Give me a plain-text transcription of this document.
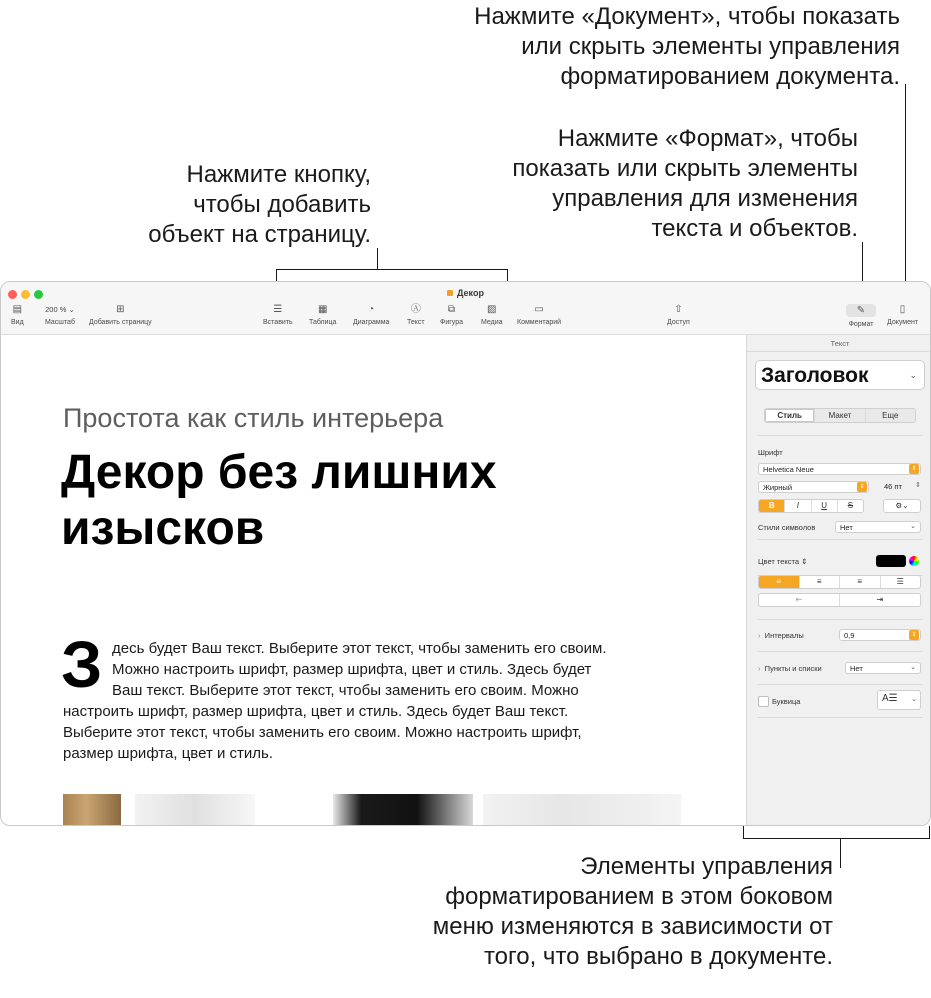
Нажмите «Документ», чтобы показать
или скрыть элементы управления
форматированием документа.
Нажмите «Формат», чтобы
показать или скрыть элементы
управления для изменения
текста и объектов.
Нажмите кнопку,
чтобы добавить
объект на страницу.
Элементы управления
форматированием в этом боковом
меню изменяются в зависимости от
того, что выбрано в документе.
Декор
▤
Вид
200 % ⌄
Масштаб
⊞
Добавить страницу
☰
Вставить
▦
Таблица
◔
Диаграмма
Ⓐ
Текст
⧉
Фигура
▨
Медиа
▭
Комментарий
⇧
Доступ
✎
Формат
▯
Документ
Простота как стиль интерьера
Декор без лишних
изысков
З десь будет Ваш текст. Выберите этот текст, чтобы заменить его своим.
Можно настроить шрифт, размер шрифта, цвет и стиль. Здесь будет
Ваш текст. Выберите этот текст, чтобы заменить его своим. Можно
настроить шрифт, размер шрифта, цвет и стиль. Здесь будет Ваш текст.
Выберите этот текст, чтобы заменить его своим. Можно настроить шрифт,
размер шрифта, цвет и стиль.
Текст
Заголовок	⌄
Стиль	Макет	Еще
Шрифт
Helvetica Neue	⇕
Жирный	⇕	46 пт ⇕
B	I	U	S	⚙⌄
Стили символов	Нет	⌄
Цвет текста ⇕
≡	≡	≡	☰
⇤	⇥
› Интервалы	0,9	⇕
› Пункты и списки	Нет	⌄
Буквица	A☰ ⌄
